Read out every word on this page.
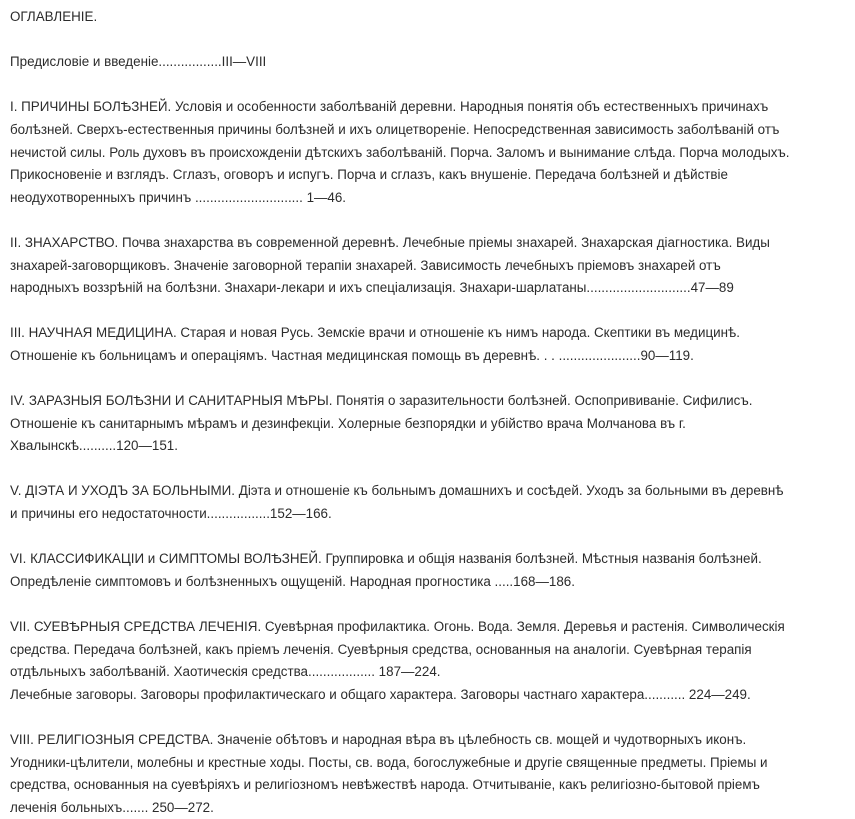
ОГЛАВЛЕНIЕ.
Предисловiе и введенiе.................III—VIII
I. ПРИЧИНЫ БОЛѢЗНЕЙ. Условiя и особенности заболѣванiй деревни. Народныя понятiя объ естественныхъ причинахъ
болѣзней. Сверхъ-естественныя причины болѣзней и ихъ олицетворенiе. Непосредственная зависимость заболѣванiй отъ
нечистой силы. Роль духовъ въ происхожденiи дѣтскихъ заболѣванiй. Порча. Заломъ и вынимание слѣда. Порча молодыхъ.
Прикосновенiе и взглядъ. Сглазъ, оговоръ и испугъ. Порча и сглазъ, какъ внушенiе. Передача болѣзней и дѣйствiе
неодухотворенныхъ причинъ ............................. 1—46.
II. ЗНАХАРСТВО. Почва знахарства въ современной деревнѣ. Лечебные прiемы знахарей. Знахарская дiагностика. Виды
знахарей-заговорщиковъ. Значенiе заговорной терапiи знахарей. Зависимость лечебныхъ прiемовъ знахарей отъ
народныхъ воззрѣнiй на болѣзни. Знахари-лекари и ихъ спецiализацiя. Знахари-шарлатаны............................47—89
III. НАУЧНАЯ МЕДИЦИНА. Старая и новая Русь. Земскiе врачи и отношенiе къ нимъ народа. Скептики въ медицинѣ.
Отношенiе къ больницамъ и операцiямъ. Частная медицинская помощь въ деревнѣ. . . ......................90—119.
IV. ЗАРАЗНЫЯ БОЛѢЗНИ И САНИТАРНЫЯ МѢРЫ. Понятiя о заразительности болѣзней. Оспопрививанiе. Сифилисъ.
Отношенiе къ санитарнымъ мѣрамъ и дезинфекцiи. Холерные безпорядки и убiйство врача Молчанова въ г.
Хвалынскѣ..........120—151.
V. ДIЭТА И УХОДЪ ЗА БОЛЬНЫМИ. Дiэта и отношенiе къ больнымъ домашнихъ и сосѣдей. Уходъ за больными въ деревнѣ
и причины его недостаточности.................152—166.
VI. КЛАССИФИКАЦIИ и СИМПТОМЫ ВОЛѢЗНЕЙ. Группировка и общiя названiя болѣзней. Мѣстныя названiя болѣзней.
Опредѣленiе симптомовъ и болѣзненныхъ ощущенiй. Народная прогностика .....168—186.
VII. СУЕВѢРНЫЯ СРЕДСТВА ЛЕЧЕНIЯ. Суевѣрная профилактика. Огонь. Вода. Земля. Деревья и растенiя. Символическiя
средства. Передача болѣзней, какъ прiемъ леченiя. Суевѣрныя средства, основанныя на аналогiи. Суевѣрная терапiя
отдѣльныхъ заболѣванiй. Хаотическiя средства.................. 187—224.
Лечебные заговоры. Заговоры профилактическаго и общаго характера. Заговоры частнаго характера........... 224—249.
VIII. РЕЛИГIОЗНЫЯ СРЕДСТВА. Значенiе обѣтовъ и народная вѣра въ цѣлебность св. мощей и чудотворныхъ иконъ.
Угодники-цѣлители, молебны и крестные ходы. Посты, св. вода, богослужебные и другiе священные предметы. Прiемы и
средства, основанныя на суевѣрiяхъ и религiозномъ невѣжествѣ народа. Отчитыванiе, какъ религiозно-бытовой прiемъ
леченiя больныхъ....... 250—272.
